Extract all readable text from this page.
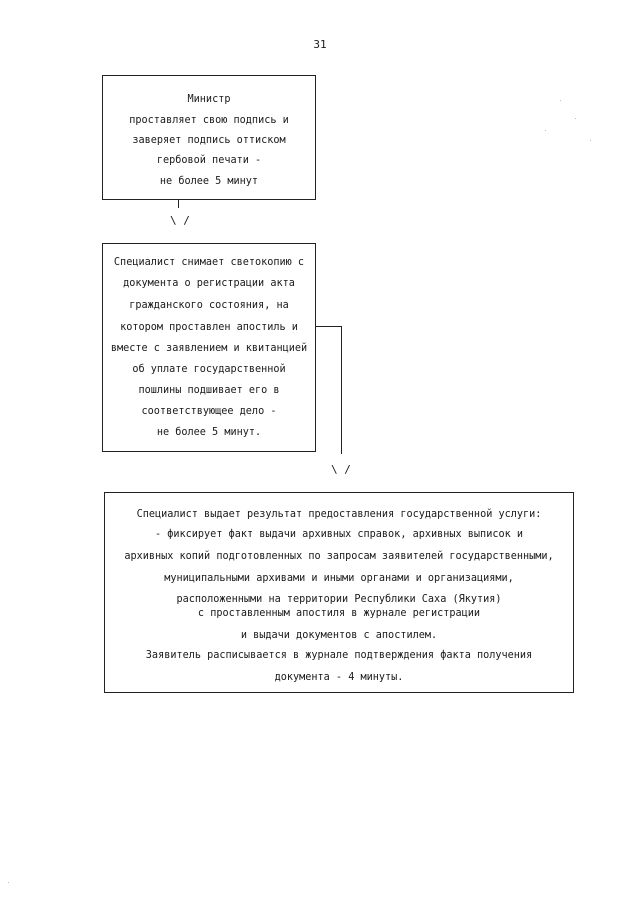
31
Министр
проставляет свою подпись и
заверяет подпись оттиском
гербовой печати -
не более 5 минут
\ /
Специалист снимает светокопию с
документа о регистрации акта
гражданского состояния, на
котором проставлен апостиль и
вместе с заявлением и квитанцией
об уплате государственной
пошлины подшивает его в
соответствующее дело -
не более 5 минут.
\ /
Специалист выдает результат предоставления государственной услуги:
- фиксирует факт выдачи архивных справок, архивных выписок и
архивных копий подготовленных по запросам заявителей государственными,
муниципальными архивами и иными органами и организациями,
расположенными на территории Республики Саха (Якутия)
с проставленным апостиля в журнале регистрации
и выдачи документов с апостилем.
Заявитель расписывается в журнале подтверждения факта получения
документа - 4 минуты.
